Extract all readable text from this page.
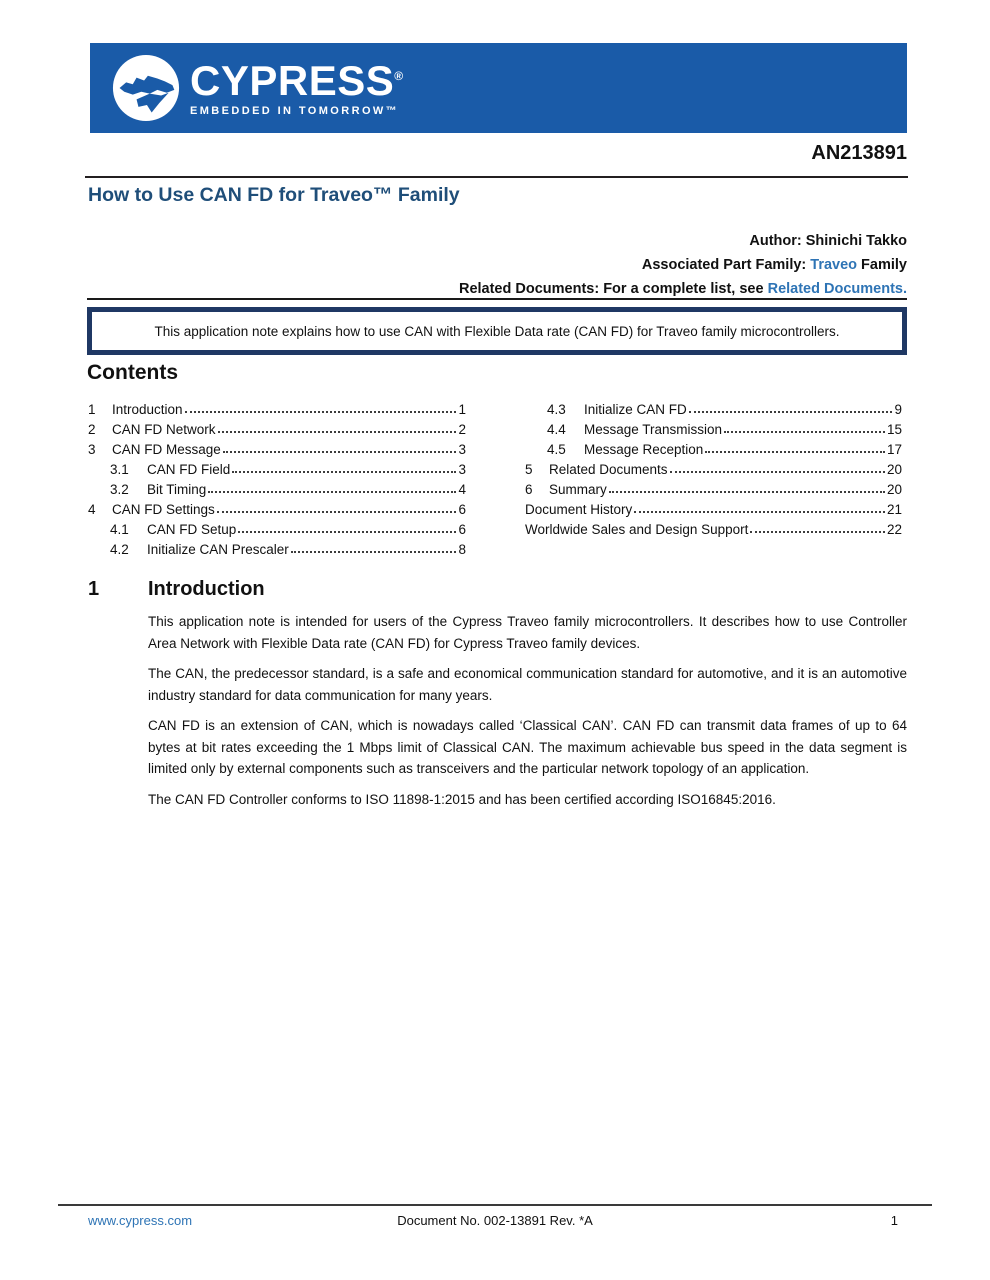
CYPRESS®
EMBEDDED IN TOMORROW™
AN213891
How to Use CAN FD for Traveo™ Family
Author: Shinichi Takko
Associated Part Family: Traveo Family
Related Documents: For a complete list, see Related Documents.
This application note explains how to use CAN with Flexible Data rate (CAN FD) for Traveo family microcontrollers.
Contents
1	Introduction	1
2	CAN FD Network	2
3	CAN FD Message	3
3.1	CAN FD Field	3
3.2	Bit Timing	4
4	CAN FD Settings	6
4.1	CAN FD Setup	6
4.2	Initialize CAN Prescaler	8
4.3	Initialize CAN FD	9
4.4	Message Transmission	15
4.5	Message Reception	17
5	Related Documents	20
6	Summary	20
Document History	21
Worldwide Sales and Design Support	22
1 Introduction

This application note is intended for users of the Cypress Traveo family microcontrollers. It describes how to use Controller Area Network with Flexible Data rate (CAN FD) for Cypress Traveo family devices.

The CAN, the predecessor standard, is a safe and economical communication standard for automotive, and it is an automotive industry standard for data communication for many years.

CAN FD is an extension of CAN, which is nowadays called ‘Classical CAN’. CAN FD can transmit data frames of up to 64 bytes at bit rates exceeding the 1 Mbps limit of Classical CAN. The maximum achievable bus speed in the data segment is limited only by external components such as transceivers and the particular network topology of an application.

The CAN FD Controller conforms to ISO 11898-1:2015 and has been certified according ISO16845:2016.

www.cypress.com	Document No. 002-13891 Rev. *A	1
